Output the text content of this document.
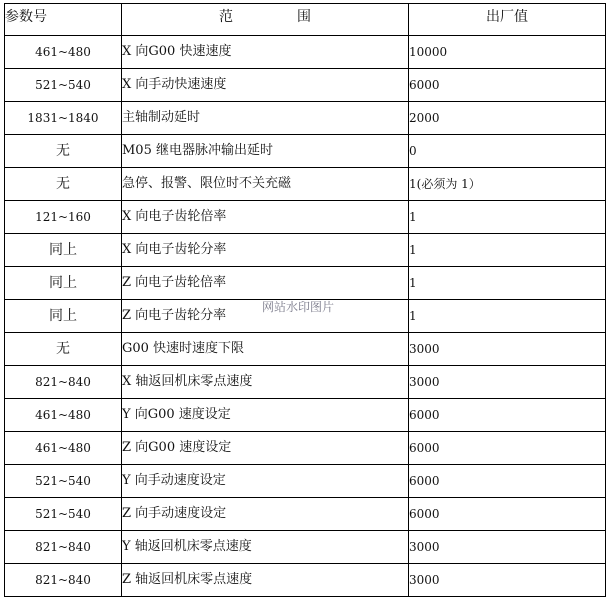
参数号	范 围	出厂值
461~480	X 向G00 快速速度	10000
521~540	X 向手动快速速度	6000
1831~1840	主轴制动延时	2000
无	M05 继电器脉冲输出延时	0
无	急停、报警、限位时不关充磁	1(必须为 1）
121~160	X 向电子齿轮倍率	1
同上	X 向电子齿轮分率	1
同上	Z 向电子齿轮倍率	1
同上	Z 向电子齿轮分率	1
无	G00 快速时速度下限	3000
821~840	X 轴返回机床零点速度	3000
461~480	Y 向G00 速度设定	6000
461~480	Z 向G00 速度设定	6000
521~540	Y 向手动速度设定	6000
521~540	Z 向手动速度设定	6000
821~840	Y 轴返回机床零点速度	3000
821~840	Z 轴返回机床零点速度	3000
网站水印图片
